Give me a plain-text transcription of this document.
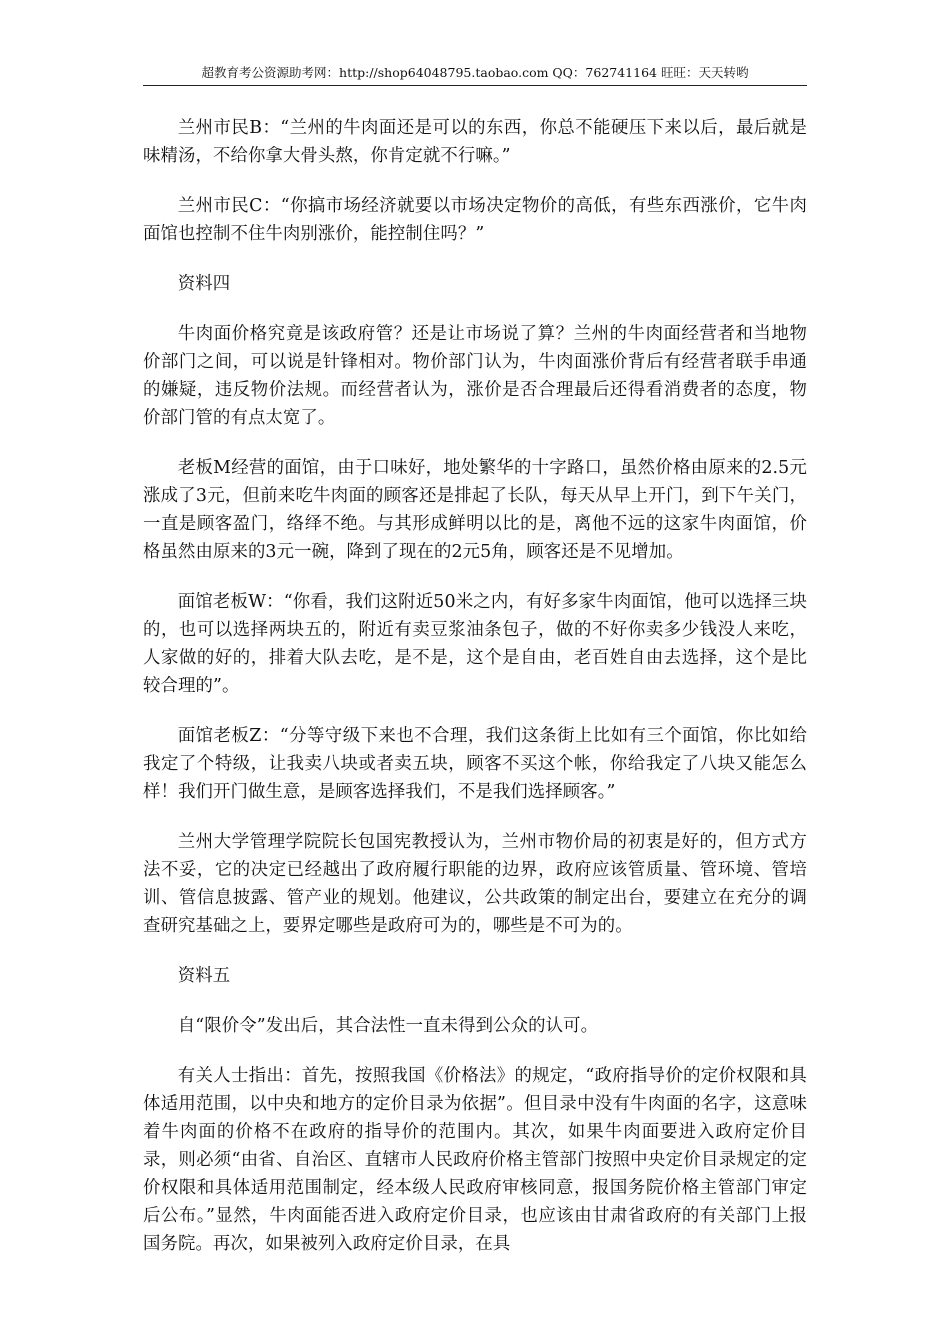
超教育考公资源助考网：http://shop64048795.taobao.com QQ：762741164 旺旺：天天转哟

兰州市民B：“兰州的牛肉面还是可以的东西，你总不能硬压下来以后，最后就是味精汤，不给你拿大骨头熬，你肯定就不行嘛。”

兰州市民C：“你搞市场经济就要以市场决定物价的高低，有些东西涨价，它牛肉面馆也控制不住牛肉别涨价，能控制住吗？”

资料四

牛肉面价格究竟是该政府管？还是让市场说了算？兰州的牛肉面经营者和当地物价部门之间，可以说是针锋相对。物价部门认为，牛肉面涨价背后有经营者联手串通的嫌疑，违反物价法规。而经营者认为，涨价是否合理最后还得看消费者的态度，物价部门管的有点太宽了。

老板M经营的面馆，由于口味好，地处繁华的十字路口，虽然价格由原来的2.5元涨成了3元，但前来吃牛肉面的顾客还是排起了长队，每天从早上开门，到下午关门，一直是顾客盈门，络绎不绝。与其形成鲜明以比的是，离他不远的这家牛肉面馆，价格虽然由原来的3元一碗，降到了现在的2元5角，顾客还是不见增加。

面馆老板W：“你看，我们这附近50米之内，有好多家牛肉面馆，他可以选择三块的，也可以选择两块五的，附近有卖豆浆油条包子，做的不好你卖多少钱没人来吃，人家做的好的，排着大队去吃，是不是，这个是自由，老百姓自由去选择，这个是比较合理的”。

面馆老板Z：“分等守级下来也不合理，我们这条街上比如有三个面馆，你比如给我定了个特级，让我卖八块或者卖五块，顾客不买这个帐，你给我定了八块又能怎么样！我们开门做生意，是顾客选择我们，不是我们选择顾客。”

兰州大学管理学院院长包国宪教授认为，兰州市物价局的初衷是好的，但方式方法不妥，它的决定已经越出了政府履行职能的边界，政府应该管质量、管环境、管培训、管信息披露、管产业的规划。他建议，公共政策的制定出台，要建立在充分的调查研究基础之上，要界定哪些是政府可为的，哪些是不可为的。

资料五

自“限价令”发出后，其合法性一直未得到公众的认可。

有关人士指出：首先，按照我国《价格法》的规定，“政府指导价的定价权限和具体适用范围，以中央和地方的定价目录为依据”。但目录中没有牛肉面的名字，这意味着牛肉面的价格不在政府的指导价的范围内。其次，如果牛肉面要进入政府定价目录，则必须“由省、自治区、直辖市人民政府价格主管部门按照中央定价目录规定的定价权限和具体适用范围制定，经本级人民政府审核同意，报国务院价格主管部门审定后公布。”显然，牛肉面能否进入政府定价目录，也应该由甘肃省政府的有关部门上报国务院。再次，如果被列入政府定价目录，在具
